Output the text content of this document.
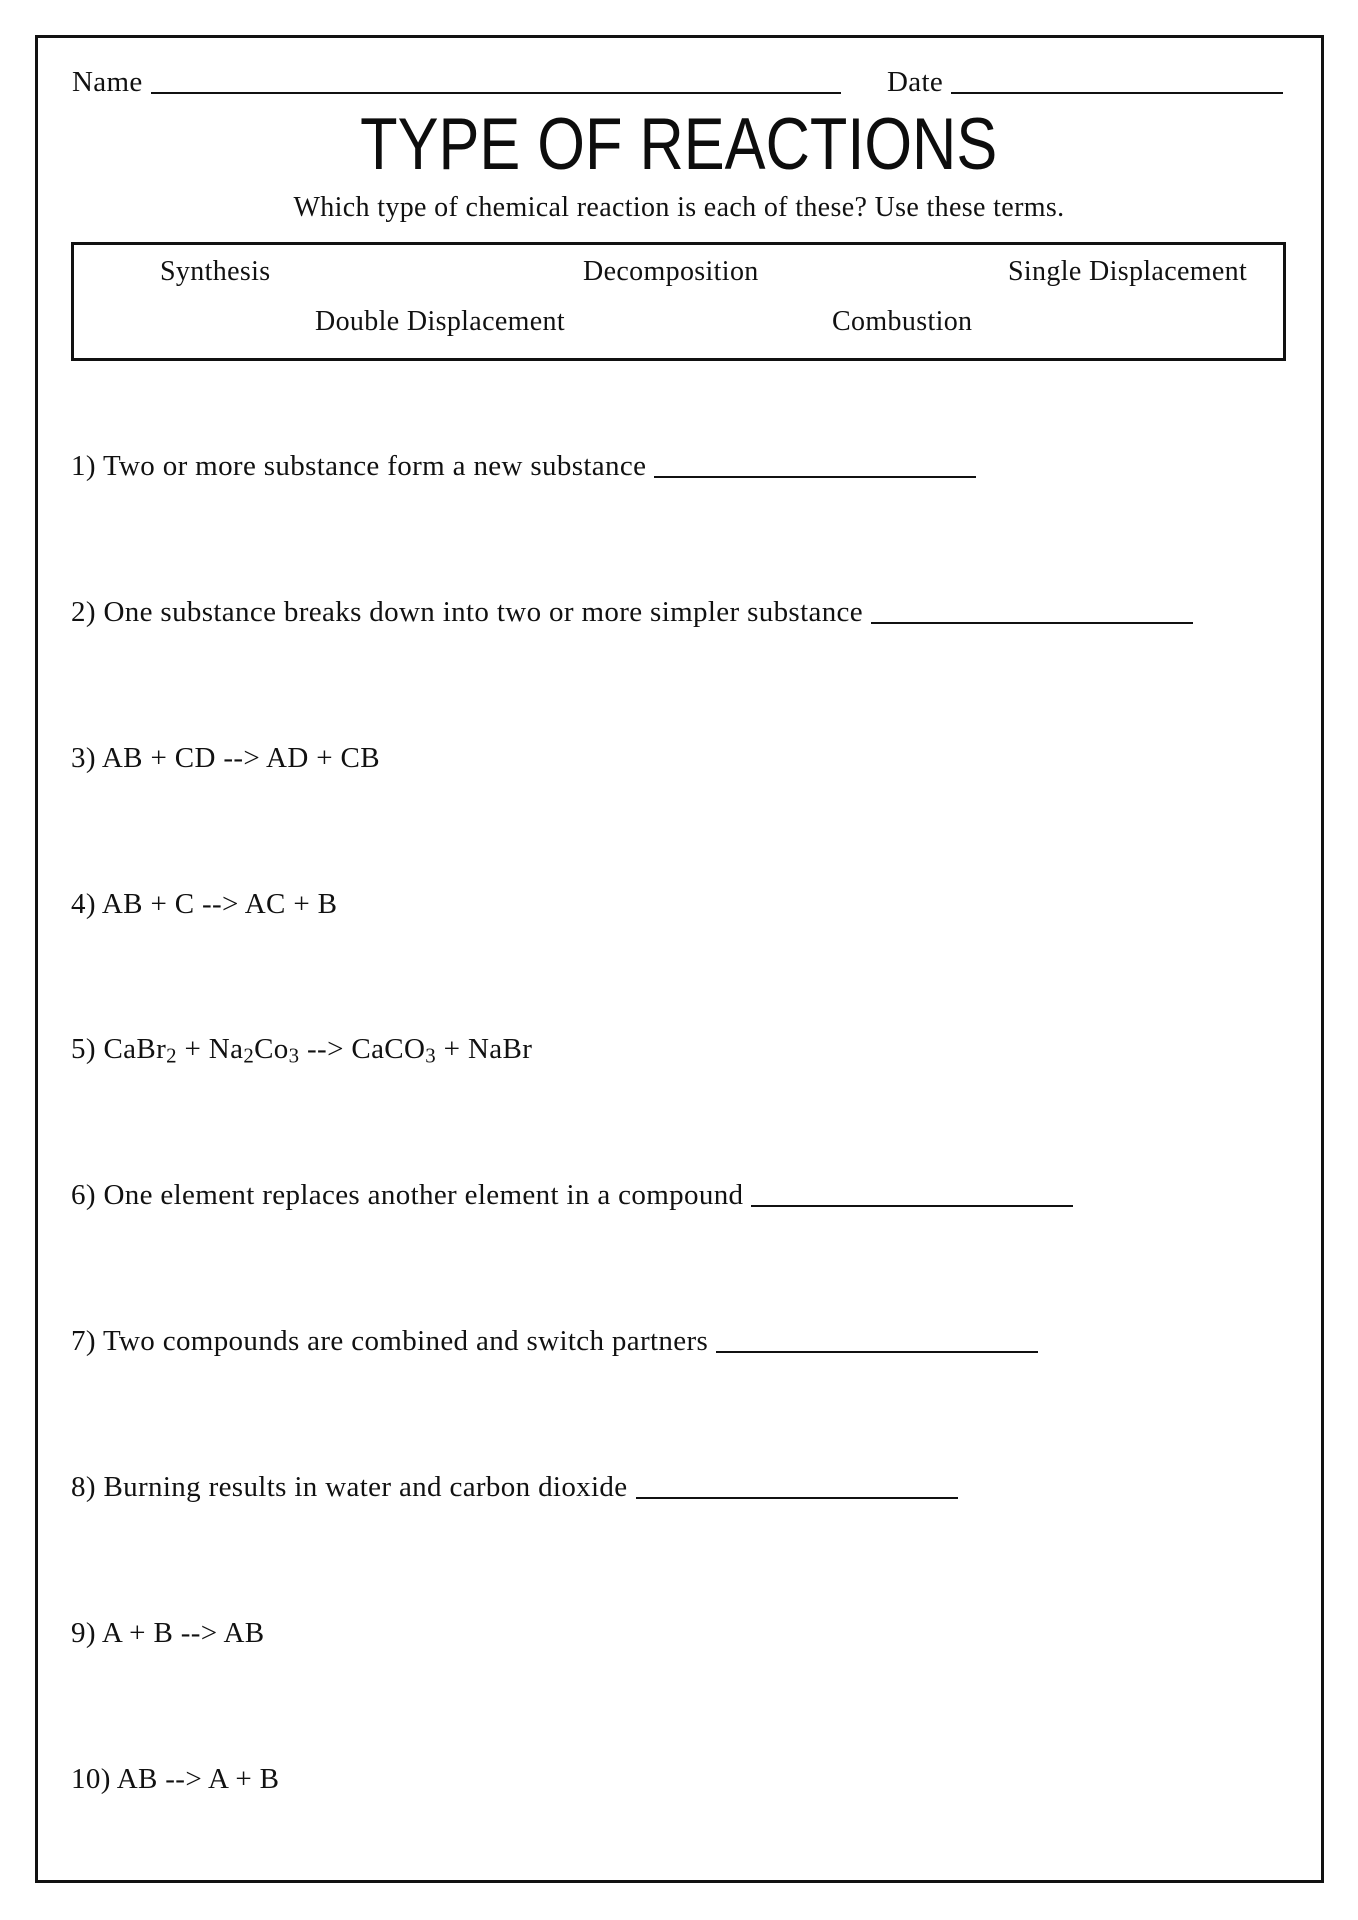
Name	Date
TYPE OF REACTIONS
Which type of chemical reaction is each of these? Use these terms.
Synthesis	Decomposition	Single Displacement
Double Displacement	Combustion
1) Two or more substance form a new substance
2) One substance breaks down into two or more simpler substance
3) AB + CD --> AD + CB
4) AB + C --> AC + B
5) CaBr$_2$ + $Na_2Co_3$ --> CaCO$_3$ + NaBr
6) One element replaces another element in a compound
7) Two compounds are combined and switch partners
8) Burning results in water and carbon dioxide
9) A + B --> AB
10) AB --> A + B
